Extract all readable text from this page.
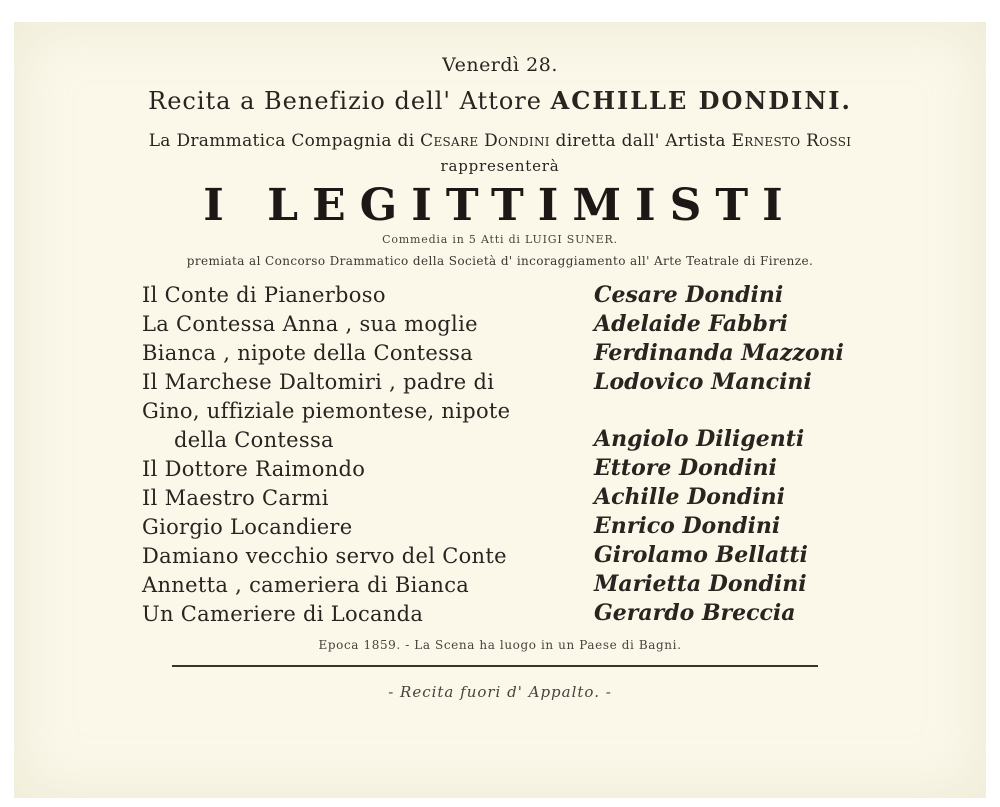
Venerdì 28.
Recita a Benefizio dell' Attore ACHILLE DONDINI.
La Drammatica Compagnia di Cesare Dondini diretta dall' Artista Ernesto Rossi
rappresenterà
I LEGITTIMISTI
Commedia in 5 Atti di LUIGI SUNER.
premiata al Concorso Drammatico della Società d' incoraggiamento all' Arte Teatrale di Firenze.
Il Conte di Pianerboso	Cesare Dondini
La Contessa Anna , sua moglie	Adelaide Fabbri
Bianca , nipote della Contessa	Ferdinanda Mazzoni
Il Marchese Daltomiri , padre di	Lodovico Mancini
Gino, uffiziale piemontese, nipote
della Contessa	Angiolo Diligenti
Il Dottore Raimondo	Ettore Dondini
Il Maestro Carmi	Achille Dondini
Giorgio Locandiere	Enrico Dondini
Damiano vecchio servo del Conte	Girolamo Bellatti
Annetta , cameriera di Bianca	Marietta Dondini
Un Cameriere di Locanda	Gerardo Breccia
Epoca 1859. - La Scena ha luogo in un Paese di Bagni.
- Recita fuori d' Appalto. -
